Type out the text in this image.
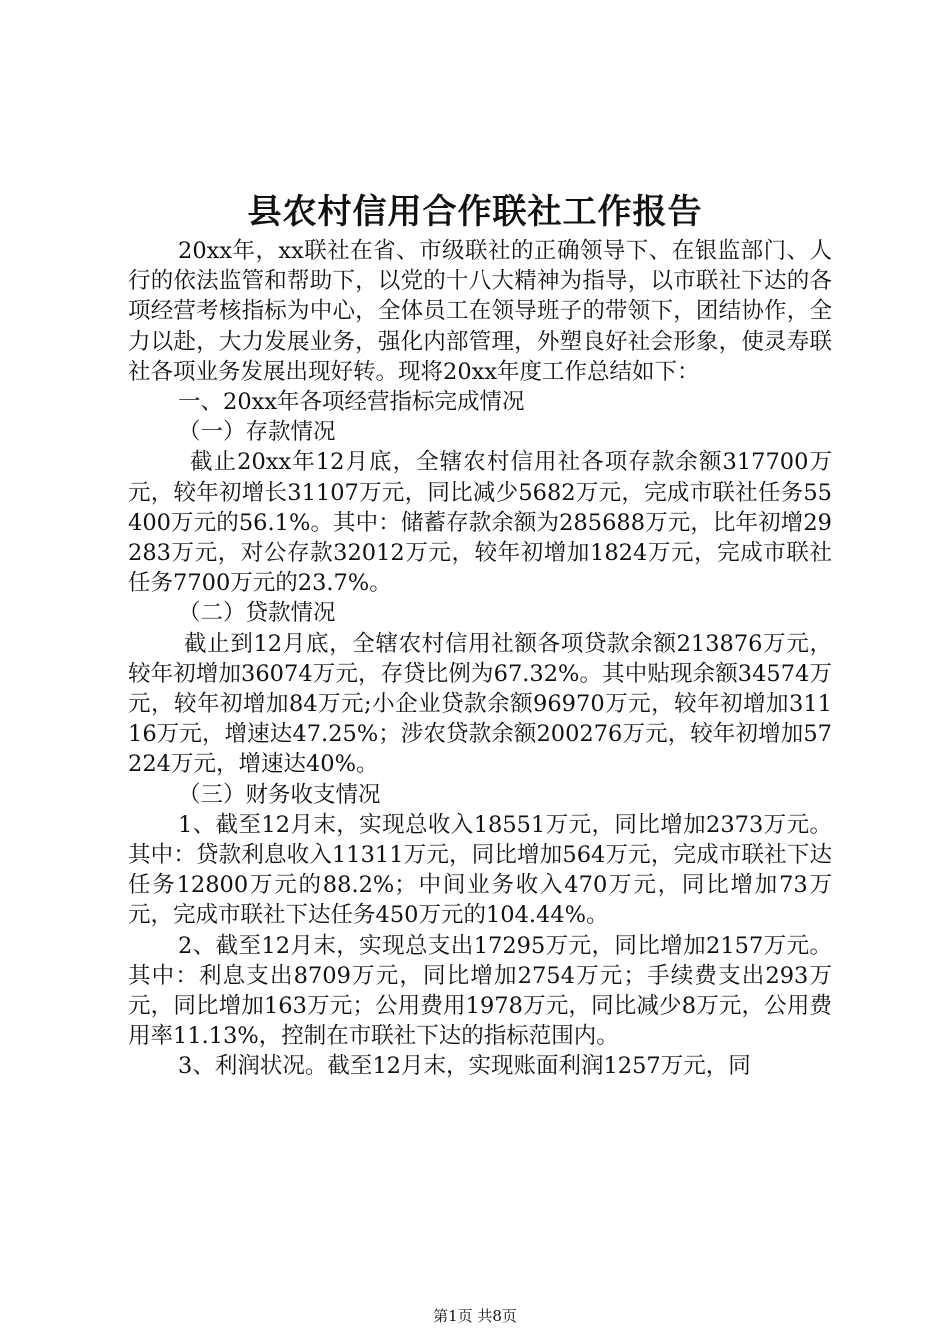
县农村信用合作联社工作报告

20xx年，xx联社在省、市级联社的正确领导下、在银监部门、人行的依法监管和帮助下，以党的十八大精神为指导，以市联社下达的各项经营考核指标为中心，全体员工在领导班子的带领下，团结协作，全力以赴，大力发展业务，强化内部管理，外塑良好社会形象，使灵寿联社各项业务发展出现好转。现将20xx年度工作总结如下：

一、20xx年各项经营指标完成情况

（一）存款情况

截止20xx年12月底，全辖农村信用社各项存款余额317700万元，较年初增长31107万元，同比减少5682万元，完成市联社任务55400万元的56.1%。其中：储蓄存款余额为285688万元，比年初增29283万元，对公存款32012万元，较年初增加1824万元，完成市联社任务7700万元的23.7%。

（二）贷款情况

截止到12月底，全辖农村信用社额各项贷款余额213876万元，较年初增加36074万元，存贷比例为67.32%。其中贴现余额34574万元，较年初增加84万元;小企业贷款余额96970万元，较年初增加31116万元，增速达47.25%；涉农贷款余额200276万元，较年初增加57224万元，增速达40%。

（三）财务收支情况

1、截至12月末，实现总收入18551万元，同比增加2373万元。其中：贷款利息收入11311万元，同比增加564万元，完成市联社下达任务12800万元的88.2%；中间业务收入470万元，同比增加73万元，完成市联社下达任务450万元的104.44%。

2、截至12月末，实现总支出17295万元，同比增加2157万元。其中：利息支出8709万元，同比增加2754万元；手续费支出293万元，同比增加163万元；公用费用1978万元，同比减少8万元，公用费用率11.13%，控制在市联社下达的指标范围内。

3、利润状况。截至12月末，实现账面利润1257万元，同

第1页 共8页
